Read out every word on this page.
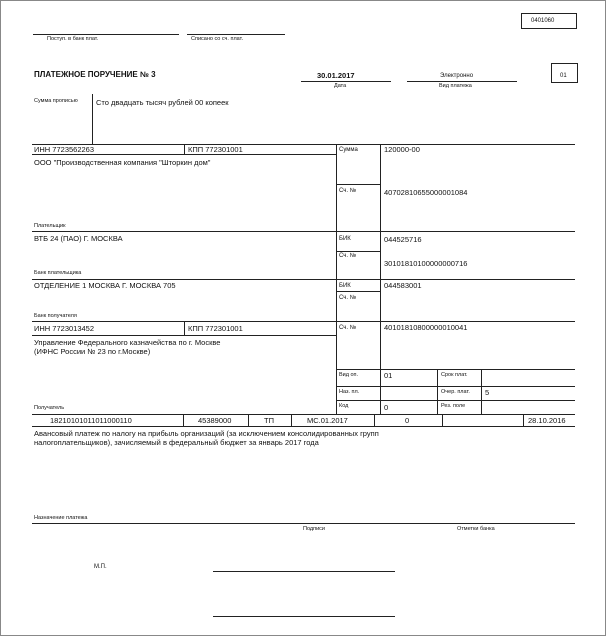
0401060
Поступ. в банк плат.	Списано со сч. плат.
ПЛАТЕЖНОЕ ПОРУЧЕНИЕ № 3	30.01.2017
Дата
Электронно
Вид платежа
01
Сумма прописью	Сто двадцать тысяч рублей 00 копеек
ИНН 7723562263	КПП 772301001
ООО "Производственная компания "Шторкин дом"
Плательщик
Сумма	120000-00
Сч. №	40702810655000001084
ВТБ 24 (ПАО) Г. МОСКВА
Банк плательщика
БИК	044525716
Сч. №
30101810100000000716
ОТДЕЛЕНИЕ 1 МОСКВА Г. МОСКВА 705
Банк получателя
БИК	044583001
Сч. №
ИНН 7723013452	КПП 772301001
Управление Федерального казначейства по г. Москве
(ИФНС России № 23 по г.Москве)
Получатель
Сч. №	40101810800000010041
Вид оп.	01
Наз. пл.
Код	0
Срок плат.
Очер. плат. 5
Рез. поле
18210101011011000110	45389000	ТП	МС.01.2017	0	28.10.2016
Авансовый платеж по налогу на прибыль организаций (за исключением консолидированных групп
налогоплательщиков), зачисляемый в федеральный бюджет за январь 2017 года
Назначение платежа
Подписи	Отметки банка
М.П.
